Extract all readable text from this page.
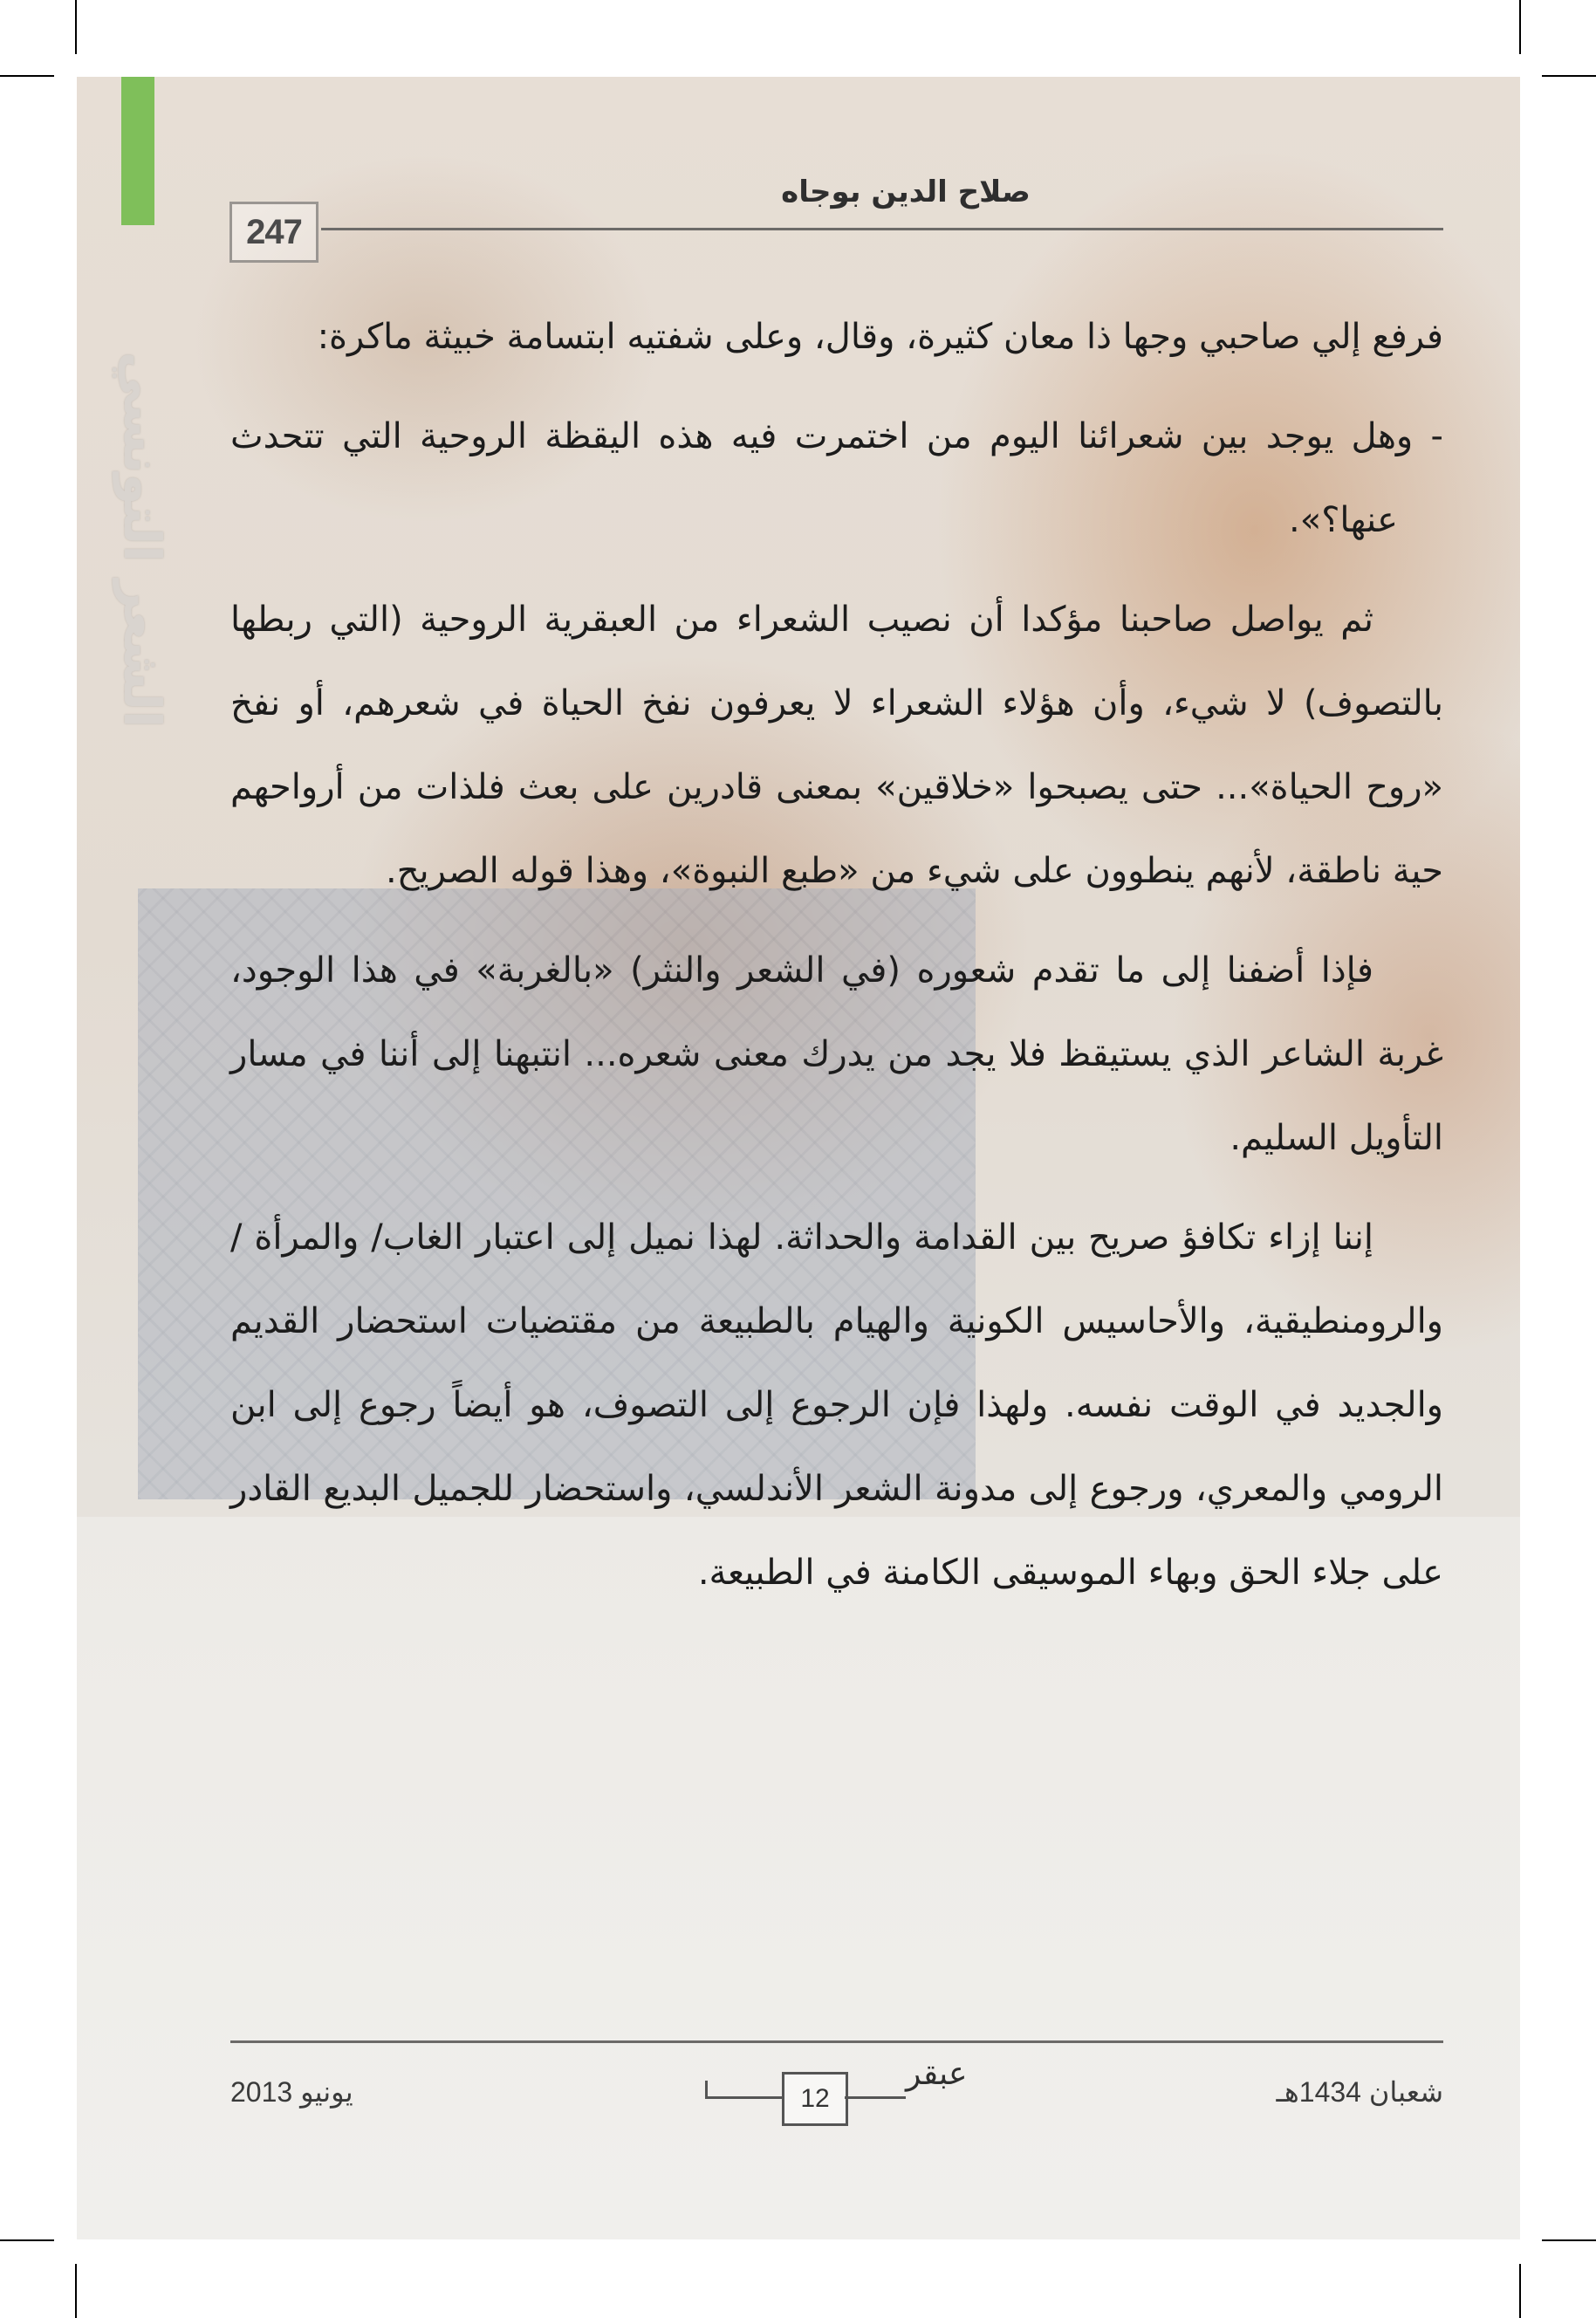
الشعر التونسي
247
صلاح الدين بوجاه

فرفع إلي صاحبي وجها ذا معان كثيرة، وقال، وعلى شفتيه ابتسامة خبيثة ماكرة:

- وهل يوجد بين شعرائنا اليوم من اختمرت فيه هذه اليقظة الروحية التي تتحدث عنها؟».

ثم يواصل صاحبنا مؤكدا أن نصيب الشعراء من العبقرية الروحية (التي ربطها بالتصوف) لا شيء، وأن هؤلاء الشعراء لا يعرفون نفخ الحياة في شعرهم، أو نفخ «روح الحياة»... حتى يصبحوا «خلاقين» بمعنى قادرين على بعث فلذات من أرواحهم حية ناطقة، لأنهم ينطوون على شيء من «طبع النبوة»، وهذا قوله الصريح.

فإذا أضفنا إلى ما تقدم شعوره (في الشعر والنثر) «بالغربة» في هذا الوجود، غربة الشاعر الذي يستيقظ فلا يجد من يدرك معنى شعره... انتبهنا إلى أننا في مسار التأويل السليم.

إننا إزاء تكافؤ صريح بين القدامة والحداثة. لهذا نميل إلى اعتبار الغاب/ والمرأة / والرومنطيقية، والأحاسيس الكونية والهيام بالطبيعة من مقتضيات استحضار القديم والجديد في الوقت نفسه. ولهذا فإن الرجوع إلى التصوف، هو أيضاً رجوع إلى ابن الرومي والمعري، ورجوع إلى مدونة الشعر الأندلسي، واستحضار للجميل البديع القادر على جلاء الحق وبهاء الموسيقى الكامنة في الطبيعة.

يونيو 2013	شعبان 1434هـ
12
عبقر
